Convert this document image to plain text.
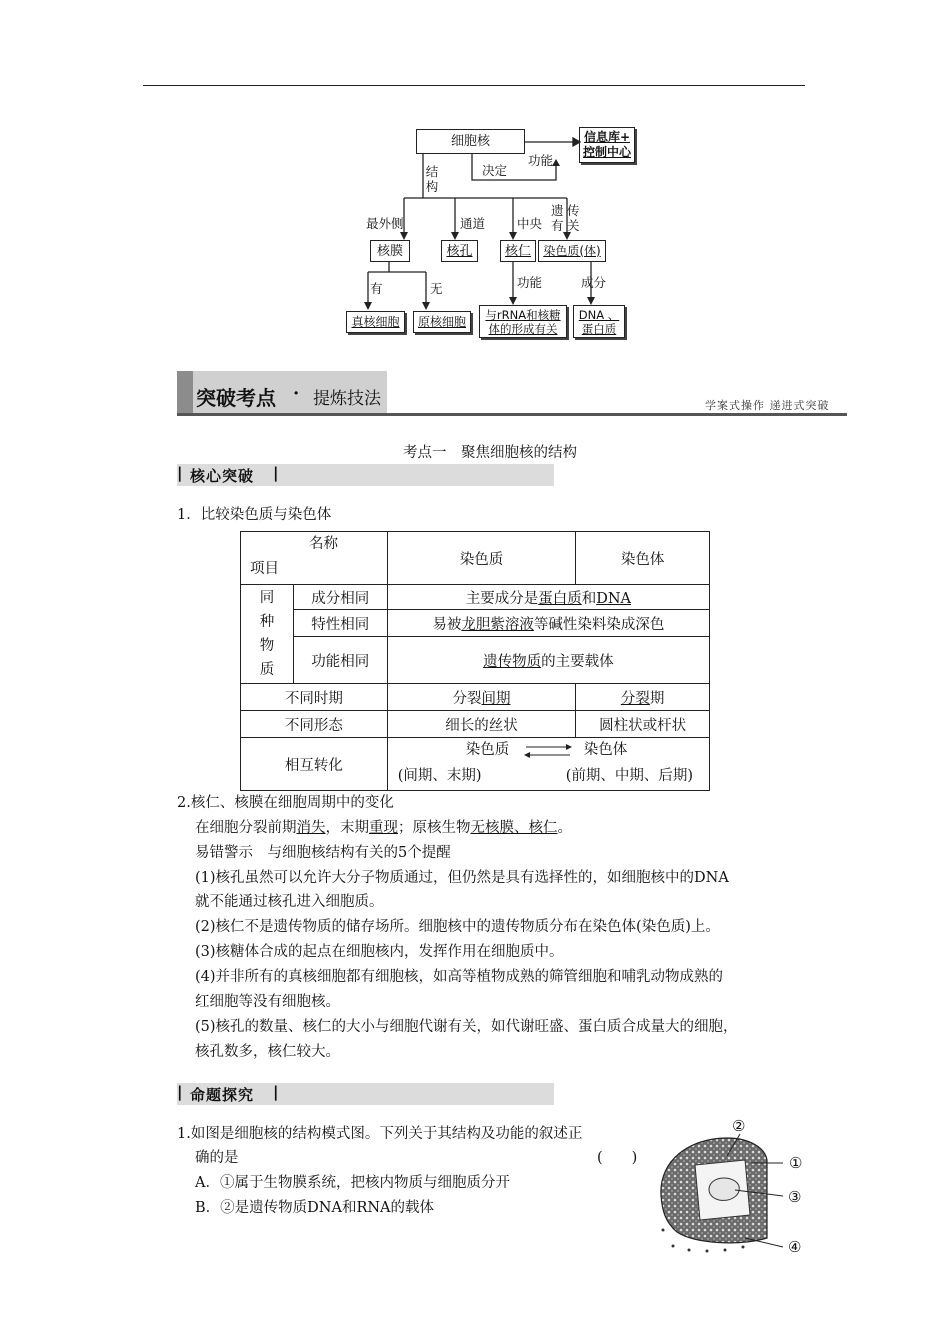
细胞核	信息库+
控制中心
结构
决定
功能
最外侧	通道	中央
遗有
传关
核膜	核孔 核仁 染色质(体)
有	无	功能	成分
真核细胞 原核细胞 与rRNA和核糖
体的形成有关
DNA 、
蛋白质
突破考点 · 提炼技法	学案式操作 递进式突破
考点一　聚焦细胞核的结构
| 核心突破 |
1．比较染色质与染色体
名称
项目		染色质	染色体

同
种
物
质	成分相同	主要成分是蛋白质和DNA	
	特性相同	易被龙胆紫溶液等碱性染料染成深色	
	功能相同	遗传物质的主要载体	
不同时期		分裂间期	分裂期
不同形态		细长的丝状	圆柱状或杆状
相互转化		染色质 染色体
(间期、末期) (前期、中期、后期)	
2.核仁、核膜在细胞周期中的变化
在细胞分裂前期消失，末期重现；原核生物无核膜、核仁。
易错警示　与细胞核结构有关的5个提醒
(1)核孔虽然可以允许大分子物质通过，但仍然是具有选择性的，如细胞核中的DNA
就不能通过核孔进入细胞质。
(2)核仁不是遗传物质的储存场所。细胞核中的遗传物质分布在染色体(染色质)上。
(3)核糖体合成的起点在细胞核内，发挥作用在细胞质中。
(4)并非所有的真核细胞都有细胞核，如高等植物成熟的筛管细胞和哺乳动物成熟的
红细胞等没有细胞核。
(5)核孔的数量、核仁的大小与细胞代谢有关，如代谢旺盛、蛋白质合成量大的细胞，
核孔数多，核仁较大。
| 命题探究 |
1.如图是细胞核的结构模式图。下列关于其结构及功能的叙述正
确的是	(　　)
A．①属于生物膜系统，把核内物质与细胞质分开
B．②是遗传物质DNA和RNA的载体
②
①
③
④
